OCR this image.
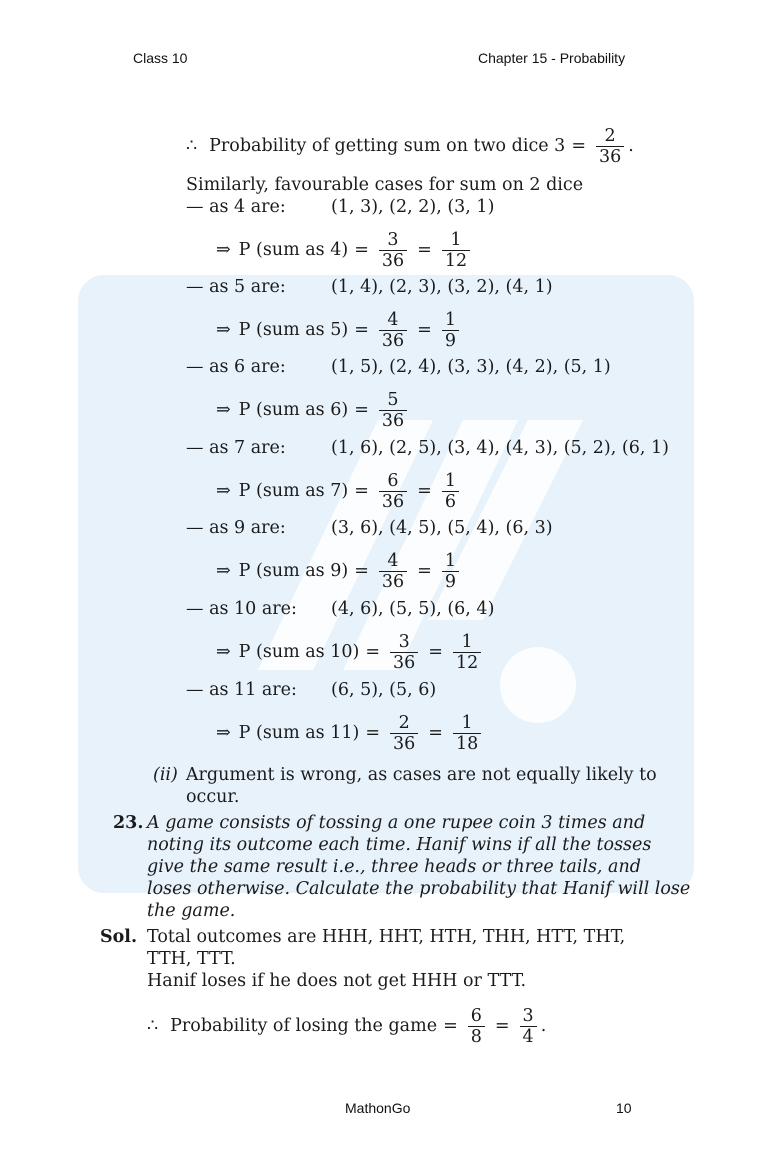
Class 10	Chapter 15 - Probability
∴ Probability of getting sum on two dice $3 = \frac{2}{36}$ .
Similarly, favourable cases for sum on 2 dice
— as 4 are:	(1, 3), (2, 2), (3, 1)
⇒ P (sum as $4) = \frac{3}{36} = \frac{1}{12}$
— as 5 are:	(1, 4), (2, 3), (3, 2), (4, 1)
⇒ P (sum as $5) = \frac{4}{36} = \frac{1}{9}$
— as 6 are:	(1, 5), (2, 4), (3, 3), (4, 2), (5, 1)
⇒ P (sum as $6) = \frac{5}{36}$
— as 7 are:	(1, 6), (2, 5), (3, 4), (4, 3), (5, 2), (6, 1)
⇒ P (sum as $7) = \frac{6}{36} = \frac{1}{6}$
— as 9 are:	(3, 6), (4, 5), (5, 4), (6, 3)
⇒ P (sum as $9) = \frac{4}{36} = \frac{1}{9}$
— as 10 are: (4, 6), (5, 5), (6, 4)
⇒ P (sum as $10) = \frac{3}{36} = \frac{1}{12}$
— as 11 are: (6, 5), (5, 6)
⇒ P (sum as $11) = \frac{2}{36} = \frac{1}{18}$
(ii) Argument is wrong, as cases are not equally likely to
occur.
23. A game consists of tossing a one rupee coin 3 times and
noting its outcome each time. Hanif wins if all the tosses
give the same result i.e., three heads or three tails, and
loses otherwise. Calculate the probability that Hanif will lose
the game.
Sol. Total outcomes are HHH, HHT, HTH, THH, HTT, THT,
TTH, TTT.
Hanif loses if he does not get HHH or TTT.
∴ Probability of losing the game = $\frac{6}{8} = \frac{3}{4}$ .
MathonGo	10
